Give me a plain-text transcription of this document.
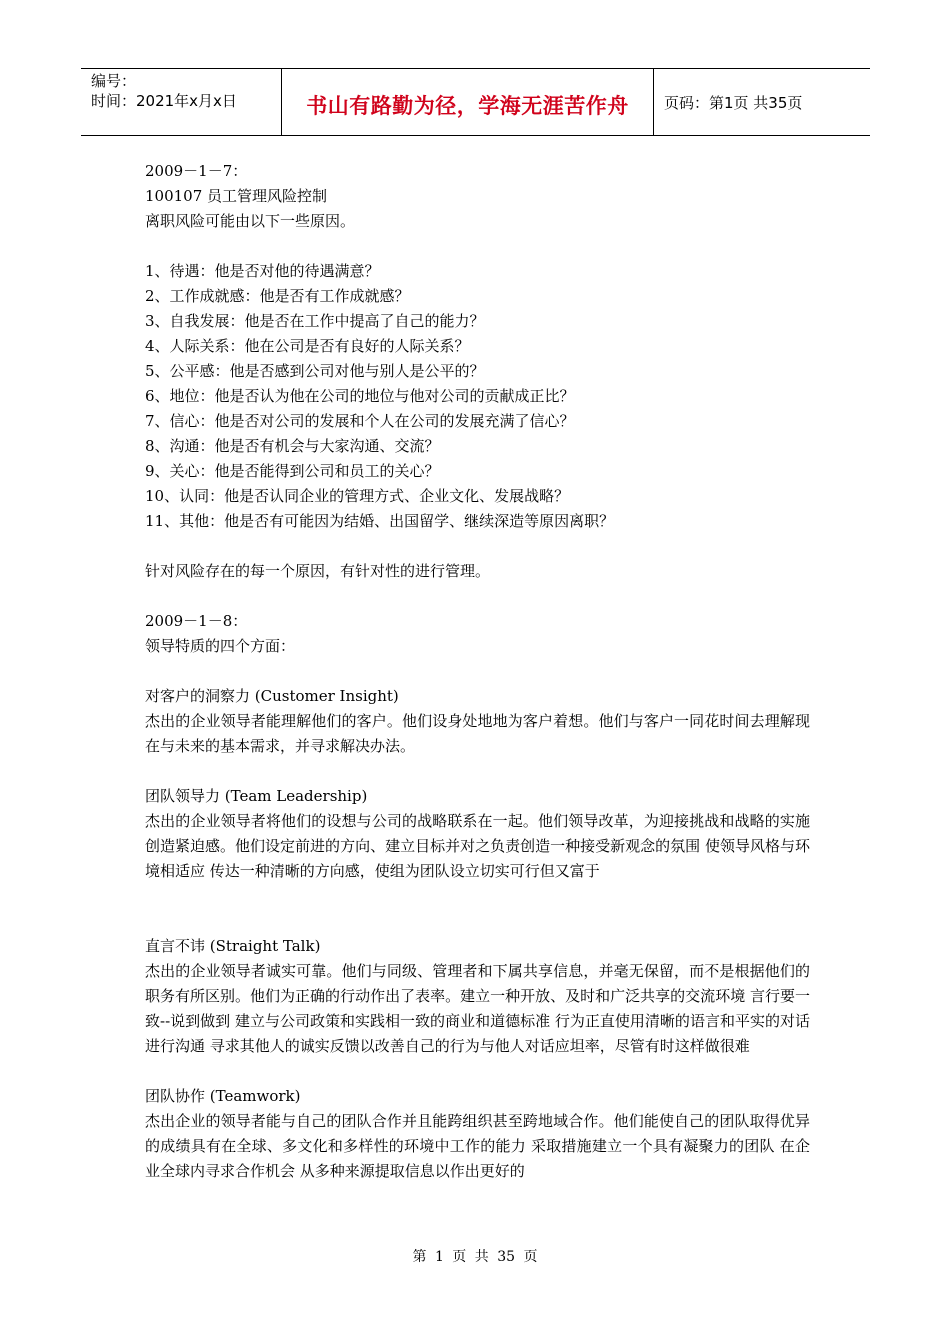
编号：
时间：2021年x月x日	书山有路勤为径，学海无涯苦作舟 页码：第1页 共35页

2009－1－7：

100107 员工管理风险控制

离职风险可能由以下一些原因。

1、待遇：他是否对他的待遇满意？

2、工作成就感：他是否有工作成就感？

3、自我发展：他是否在工作中提高了自己的能力？

4、人际关系：他在公司是否有良好的人际关系？

5、公平感：他是否感到公司对他与别人是公平的？

6、地位：他是否认为他在公司的地位与他对公司的贡献成正比？

7、信心：他是否对公司的发展和个人在公司的发展充满了信心？

8、沟通：他是否有机会与大家沟通、交流？

9、关心：他是否能得到公司和员工的关心？

10、认同：他是否认同企业的管理方式、企业文化、发展战略？

11、其他：他是否有可能因为结婚、出国留学、继续深造等原因离职？

针对风险存在的每一个原因，有针对性的进行管理。

2009－1－8：

领导特质的四个方面：

对客户的洞察力 (Customer Insight)

杰出的企业领导者能理解他们的客户。他们设身处地地为客户着想。他们与客户一同花时间去理解现在与未来的基本需求，并寻求解决办法。

团队领导力 (Team Leadership)

杰出的企业领导者将他们的设想与公司的战略联系在一起。他们领导改革，为迎接挑战和战略的实施创造紧迫感。他们设定前进的方向、建立目标并对之负责创造一种接受新观念的氛围 使领导风格与环境相适应 传达一种清晰的方向感，使组为团队设立切实可行但又富于

直言不讳 (Straight Talk)

杰出的企业领导者诚实可靠。他们与同级、管理者和下属共享信息，并毫无保留，而不是根据他们的职务有所区别。他们为正确的行动作出了表率。建立一种开放、及时和广泛共享的交流环境 言行要一致--说到做到 建立与公司政策和实践相一致的商业和道德标准 行为正直使用清晰的语言和平实的对话进行沟通 寻求其他人的诚实反馈以改善自己的行为与他人对话应坦率，尽管有时这样做很难

团队协作 (Teamwork)

杰出企业的领导者能与自己的团队合作并且能跨组织甚至跨地域合作。他们能使自己的团队取得优异的成绩具有在全球、多文化和多样性的环境中工作的能力 采取措施建立一个具有凝聚力的团队 在企业全球内寻求合作机会 从多种来源提取信息以作出更好的

第 1 页 共 35 页
